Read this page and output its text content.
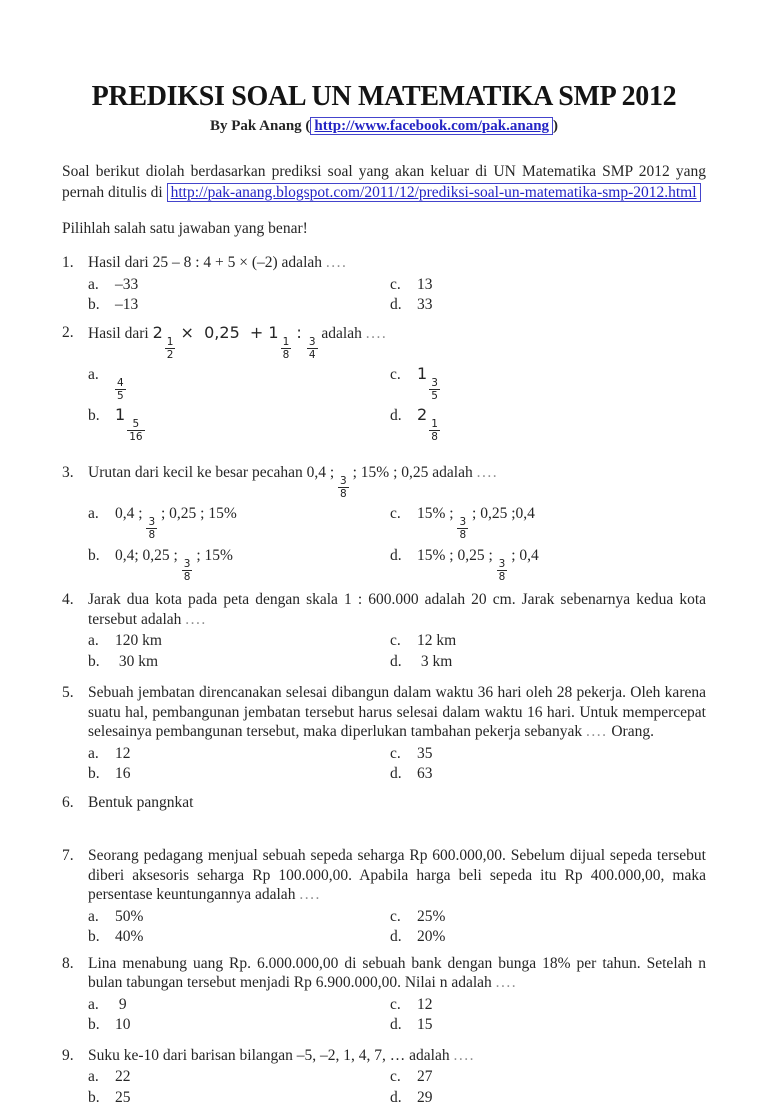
PREDIKSI SOAL UN MATEMATIKA SMP 2012
By Pak Anang ( http://www.facebook.com/pak.anang )

Soal berikut diolah berdasarkan prediksi soal yang akan keluar di UN Matematika SMP 2012 yang pernah ditulis di http://pak-anang.blogspot.com/2011/12/prediksi-soal-un-matematika-smp-2012.html

Pilihlah salah satu jawaban yang benar!

1. Hasil dari 25 – 8 : 4 + 5 × (–2) adalah ....
a.	–33
b. –13
c.	13
d. 33
2. Hasil dari 2
$\frac{1}{2}$
×  0,25  + 1
$\frac{1}{8}$
:
$\frac{3}{4}$
adalah ....
a.
$\frac{4}{5}$
b. 1
$\frac{5}{16}$
c.	1
$\frac{3}{5}$
d. 2
$\frac{1}{8}$
3. Urutan dari kecil ke besar pecahan 0,4 ;
$\frac{3}{8}$
; 15% ; 0,25 adalah ....
a.	0,4 ;
$\frac{3}{8}$
; 0,25 ; 15%
b. 0,4; 0,25 ;
$\frac{3}{8}$
; 15%
c.	15% ;
$\frac{3}{8}$
; 0,25 ;0,4
d. 15% ; 0,25 ;
$\frac{3}{8}$
; 0,4
4. Jarak dua kota pada peta dengan skala 1 : 600.000 adalah 20 cm. Jarak sebenarnya kedua kota tersebut adalah ....
a.	120 km
b. 30 km
c.	12 km
d. 3 km
5. Sebuah jembatan direncanakan selesai dibangun dalam waktu 36 hari oleh 28 pekerja. Oleh karena suatu hal, pembangunan jembatan tersebut harus selesai dalam waktu 16 hari. Untuk mempercepat selesainya pembangunan tersebut, maka diperlukan tambahan pekerja sebanyak .... Orang.
a.	12
b. 16
c.	35
d. 63
6. Bentuk pangnkat
7. Seorang pedagang menjual sebuah sepeda seharga Rp 600.000,00. Sebelum dijual sepeda tersebut diberi aksesoris seharga Rp 100.000,00. Apabila harga beli sepeda itu Rp 400.000,00, maka persentase keuntungannya adalah ....
a.	50%
b. 40%
c.	25%
d. 20%
8. Lina menabung uang Rp. 6.000.000,00 di sebuah bank dengan bunga 18% per tahun. Setelah n bulan tabungan tersebut menjadi Rp 6.900.000,00. Nilai n adalah ....
a.	9
b. 10
c.	12
d. 15
9. Suku ke-10 dari barisan bilangan –5, –2, 1, 4, 7, … adalah ....
a.	22
b. 25
c.	27
d. 29
